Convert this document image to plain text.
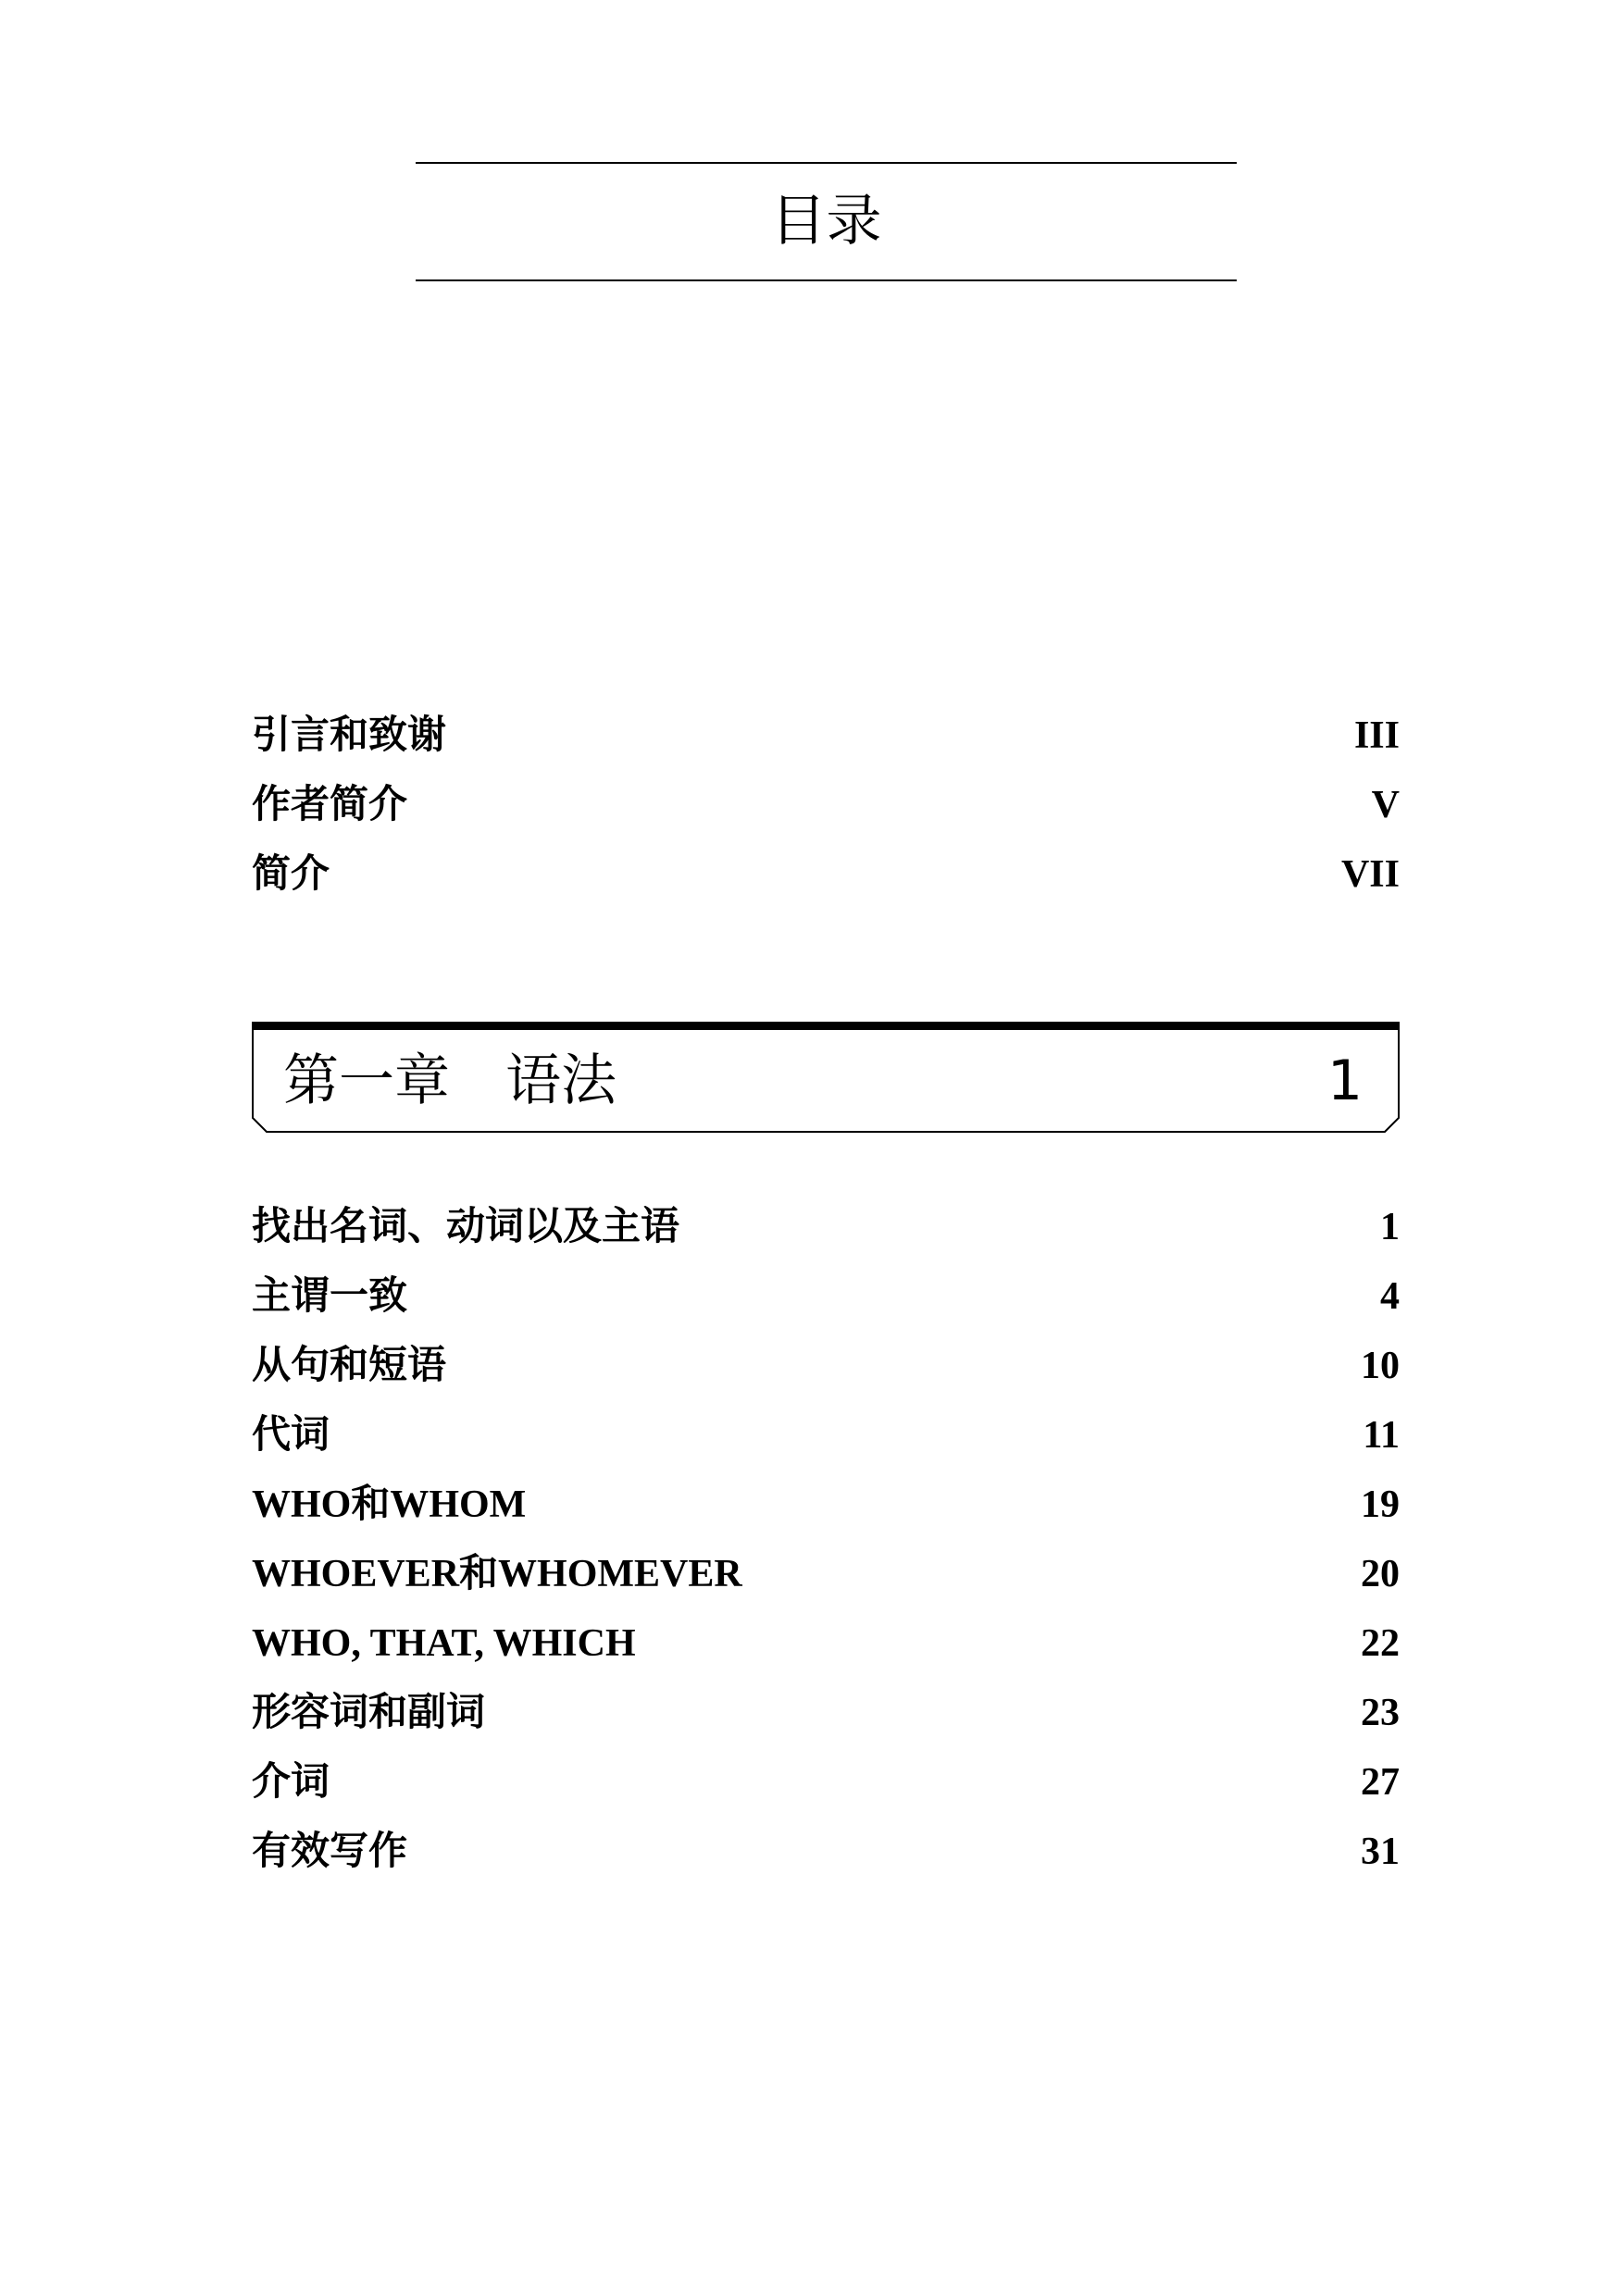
目录
引言和致谢	III
作者简介	V
简介	VII
第一章　语法	1
找出名词、动词以及主语	1
主谓一致	4
从句和短语	10
代词	11
WHO和WHOM	19
WHOEVER和WHOMEVER	20
WHO, THAT, WHICH	22
形容词和副词	23
介词	27
有效写作	31
